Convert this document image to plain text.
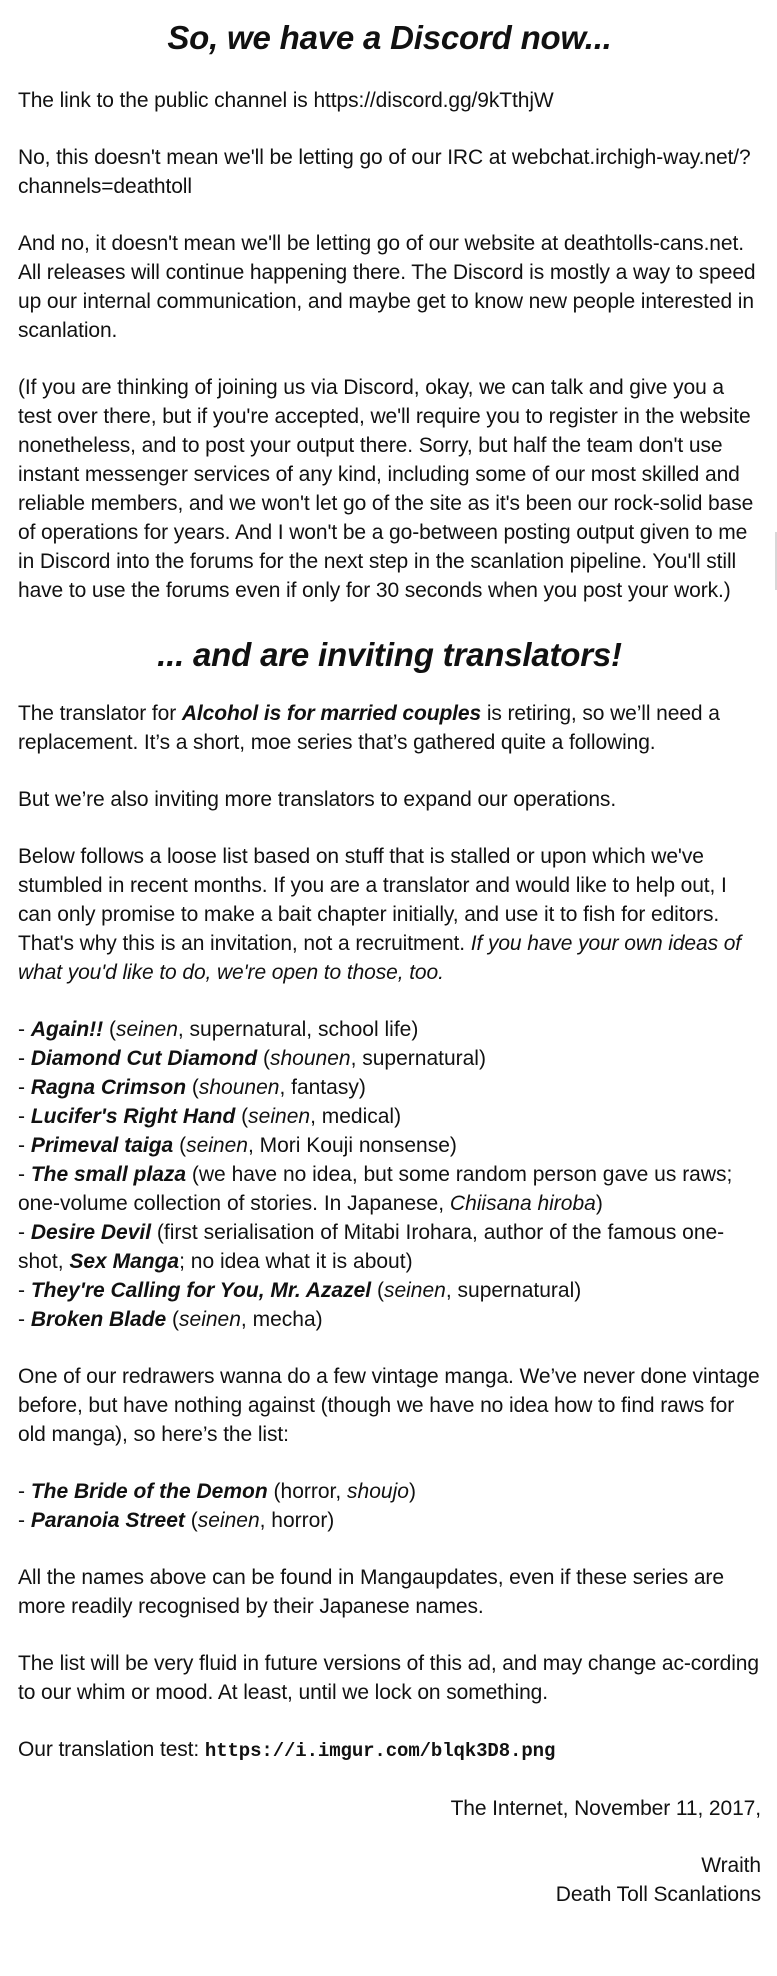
So, we have a Discord now...

The link to the public channel is https://discord.gg/9kTthjW

No, this doesn't mean we'll be letting go of our IRC at webchat.irchigh-way.net/?channels=deathtoll

And no, it doesn't mean we'll be letting go of our website at deathtolls-cans.net. All releases will continue happening there. The Discord is mostly a way to speed up our internal communication, and maybe get to know new people interested in scanlation.

(If you are thinking of joining us via Discord, okay, we can talk and give you a test over there, but if you're accepted, we'll require you to register in the website nonetheless, and to post your output there. Sorry, but half the team don't use instant messenger services of any kind, including some of our most skilled and reliable members, and we won't let go of the site as it's been our rock-solid base of operations for years. And I won't be a go-between posting output given to me in Discord into the forums for the next step in the scanlation pipeline. You'll still have to use the forums even if only for 30 seconds when you post your work.)

... and are inviting translators!

The translator for Alcohol is for married couples is retiring, so we’ll need a replacement. It’s a short, moe series that’s gathered quite a following.

But we’re also inviting more translators to expand our operations.

Below follows a loose list based on stuff that is stalled or upon which we've stumbled in recent months. If you are a translator and would like to help out, I can only promise to make a bait chapter initially, and use it to fish for editors. That's why this is an invitation, not a recruitment. If you have your own ideas of what you'd like to do, we're open to those, too.

- Again!! (seinen, supernatural, school life)
- Diamond Cut Diamond (shounen, supernatural)
- Ragna Crimson (shounen, fantasy)
- Lucifer's Right Hand (seinen, medical)
- Primeval taiga (seinen, Mori Kouji nonsense)
- The small plaza (we have no idea, but some random person gave us raws; one-volume collection of stories. In Japanese, Chiisana hiroba)
- Desire Devil (first serialisation of Mitabi Irohara, author of the famous one-shot, Sex Manga; no idea what it is about)
- They're Calling for You, Mr. Azazel (seinen, supernatural)
- Broken Blade (seinen, mecha)

One of our redrawers wanna do a few vintage manga. We’ve never done vintage before, but have nothing against (though we have no idea how to find raws for old manga), so here’s the list:

- The Bride of the Demon (horror, shoujo)
- Paranoia Street (seinen, horror)

All the names above can be found in Mangaupdates, even if these series are more readily recognised by their Japanese names.

The list will be very fluid in future versions of this ad, and may change ac-cording to our whim or mood. At least, until we lock on something.

Our translation test: https://i.imgur.com/blqk3D8.png

The Internet, November 11, 2017,

Wraith

Death Toll Scanlations
